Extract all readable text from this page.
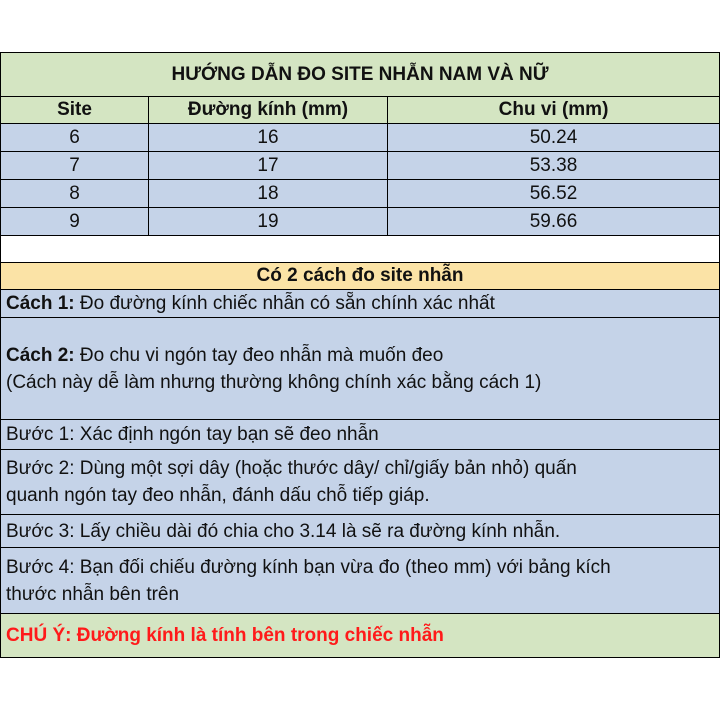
HƯỚNG DẪN ĐO SITE NHẪN NAM VÀ NỮ		
Site	Đường kính (mm)	Chu vi (mm)
6	16	50.24
7	17	53.38
8	18	56.52
9	19	59.66

Có 2 cách đo site nhẫn		
Cách 1: Đo đường kính chiếc nhẫn có sẵn chính xác nhất		

Cách 2: Đo chu vi ngón tay đeo nhẫn mà muốn đeo
(Cách này dễ làm nhưng thường không chính xác bằng cách 1)		

Bước 1: Xác định ngón tay bạn sẽ đeo nhẫn		

Bước 2: Dùng một sợi dây (hoặc thước dây/ chỉ/giấy bản nhỏ) quấn
quanh ngón tay đeo nhẫn, đánh dấu chỗ tiếp giáp.		

Bước 3: Lấy chiều dài đó chia cho 3.14 là sẽ ra đường kính nhẫn.		

Bước 4: Bạn đối chiếu đường kính bạn vừa đo (theo mm) với bảng kích
thước nhẫn bên trên		

CHÚ Ý: Đường kính là tính bên trong chiếc nhẫn		
